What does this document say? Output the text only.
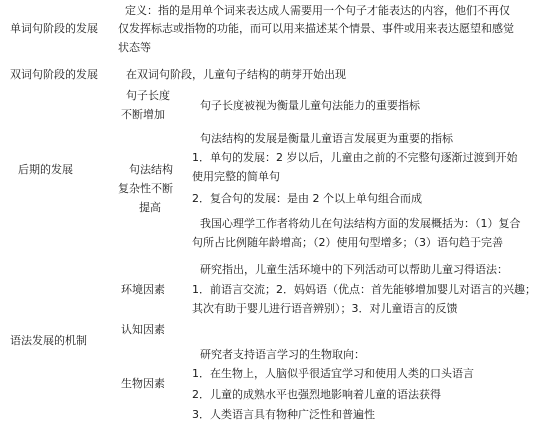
单词句阶段的发展
定义：指的是用单个词来表达成人需要用一个句子才能表达的内容，他们不再仅
仅发挥标志或指物的功能，而可以用来描述某个情景、事件或用来表达愿望和感觉
状态等
双词句阶段的发展	在双词句阶段，儿童句子结构的萌芽开始出现
后期的发展
句子长度
不断增加
句子长度被视为衡量儿童句法能力的重要指标
句法结构
复杂性不断
提高
句法结构的发展是衡量儿童语言发展更为重要的指标
1．单句的发展：2 岁以后，儿童由之前的不完整句逐渐过渡到开始
使用完整的简单句
2．复合句的发展：是由 2 个以上单句组合而成
我国心理学工作者将幼儿在句法结构方面的发展概括为：（1）复合
句所占比例随年龄增高；（2）使用句型增多；（3）语句趋于完善
语法发展的机制
环境因素
研究指出，儿童生活环境中的下列活动可以帮助儿童习得语法：
1．前语言交流；2．妈妈语（优点：首先能够增加婴儿对语言的兴趣；
其次有助于婴儿进行语音辨别）；3．对儿童语言的反馈
认知因素
生物因素
研究者支持语言学习的生物取向：
1．在生物上，人脑似乎很适宜学习和使用人类的口头语言
2．儿童的成熟水平也强烈地影响着儿童的语法获得
3．人类语言具有物种广泛性和普遍性
